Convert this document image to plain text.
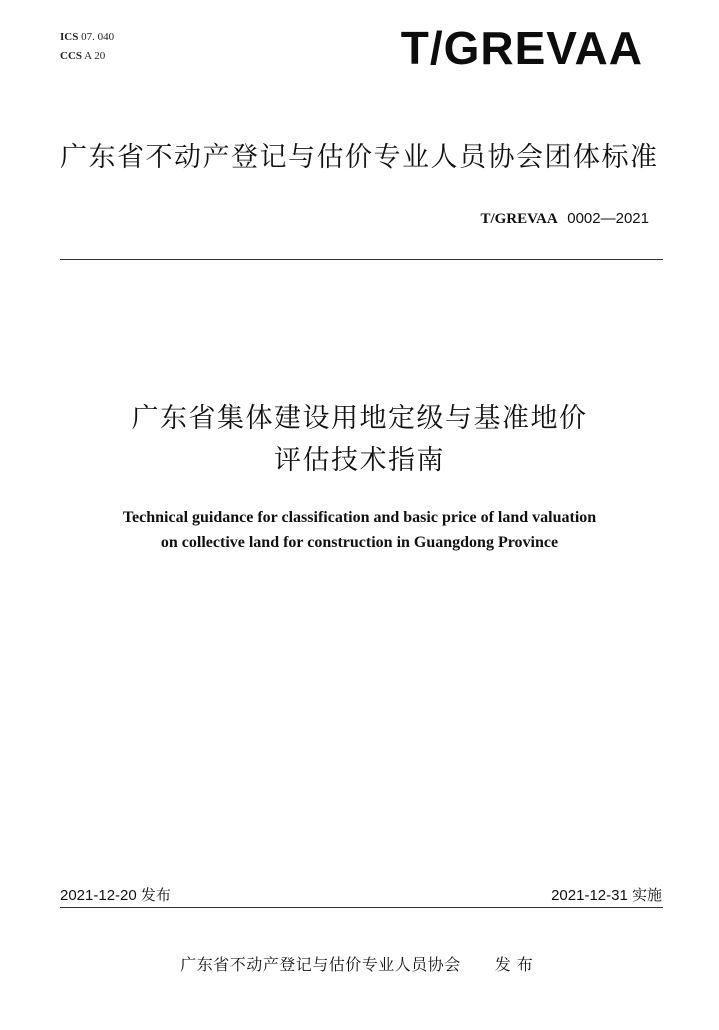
ICS 07. 040
CCS A 20	T/GREVAA
广东省不动产登记与估价专业人员协会团体标准
T/GREVAA 0002—2021
广东省集体建设用地定级与基准地价
评估技术指南
Technical guidance for classification and basic price of land valuation
on collective land for construction in Guangdong Province
2021-12-20 发布	2021-12-31 实施
广东省不动产登记与估价专业人员协会 发布
